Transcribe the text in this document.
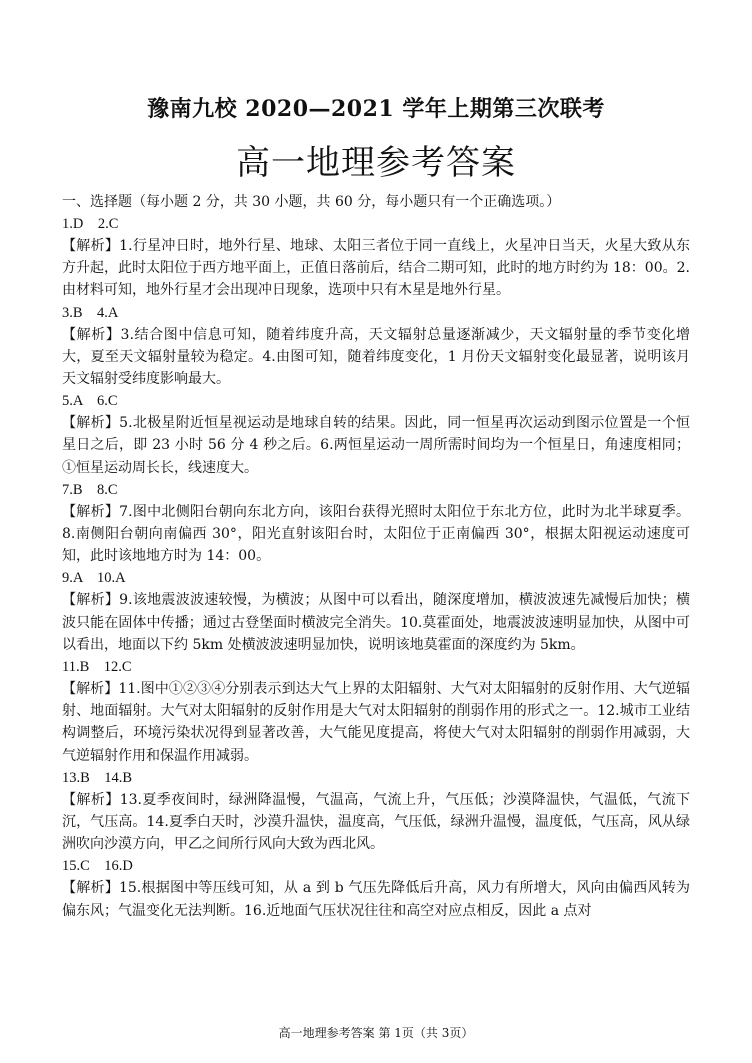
豫南九校 2020—2021 学年上期第三次联考
高一地理参考答案
一、选择题（每小题 2 分，共 30 小题，共 60 分，每小题只有一个正确选项。）
1.D　2.C
【解析】1.行星冲日时，地外行星、地球、太阳三者位于同一直线上，火星冲日当天，火星大致从东方升起，此时太阳位于西方地平面上，正值日落前后，结合二期可知，此时的地方时约为 18：00。2.由材料可知，地外行星才会出现冲日现象，选项中只有木星是地外行星。
3.B　4.A
【解析】3.结合图中信息可知，随着纬度升高，天文辐射总量逐渐减少，天文辐射量的季节变化增大，夏至天文辐射量较为稳定。4.由图可知，随着纬度变化，1 月份天文辐射变化最显著，说明该月天文辐射受纬度影响最大。
5.A　6.C
【解析】5.北极星附近恒星视运动是地球自转的结果。因此，同一恒星再次运动到图示位置是一个恒星日之后，即 23 小时 56 分 4 秒之后。6.两恒星运动一周所需时间均为一个恒星日，角速度相同；①恒星运动周长长，线速度大。
7.B　8.C
【解析】7.图中北侧阳台朝向东北方向，该阳台获得光照时太阳位于东北方位，此时为北半球夏季。8.南侧阳台朝向南偏西 30°，阳光直射该阳台时，太阳位于正南偏西 30°，根据太阳视运动速度可知，此时该地地方时为 14：00。
9.A　10.A
【解析】9.该地震波波速较慢，为横波；从图中可以看出，随深度增加，横波波速先减慢后加快；横波只能在固体中传播；通过古登堡面时横波完全消失。10.莫霍面处，地震波波速明显加快，从图中可以看出，地面以下约 5km 处横波波速明显加快，说明该地莫霍面的深度约为 5km。
11.B　12.C
【解析】11.图中①②③④分别表示到达大气上界的太阳辐射、大气对太阳辐射的反射作用、大气逆辐射、地面辐射。大气对太阳辐射的反射作用是大气对太阳辐射的削弱作用的形式之一。12.城市工业结构调整后，环境污染状况得到显著改善，大气能见度提高，将使大气对太阳辐射的削弱作用减弱，大气逆辐射作用和保温作用减弱。
13.B　14.B
【解析】13.夏季夜间时，绿洲降温慢，气温高，气流上升，气压低；沙漠降温快，气温低，气流下沉，气压高。14.夏季白天时，沙漠升温快，温度高，气压低，绿洲升温慢，温度低，气压高，风从绿洲吹向沙漠方向，甲乙之间所行风向大致为西北风。
15.C　16.D
【解析】15.根据图中等压线可知，从 a 到 b 气压先降低后升高，风力有所增大，风向由偏西风转为偏东风；气温变化无法判断。16.近地面气压状况往往和高空对应点相反，因此 a 点对
高一地理参考答案 第 1页（共 3页）
